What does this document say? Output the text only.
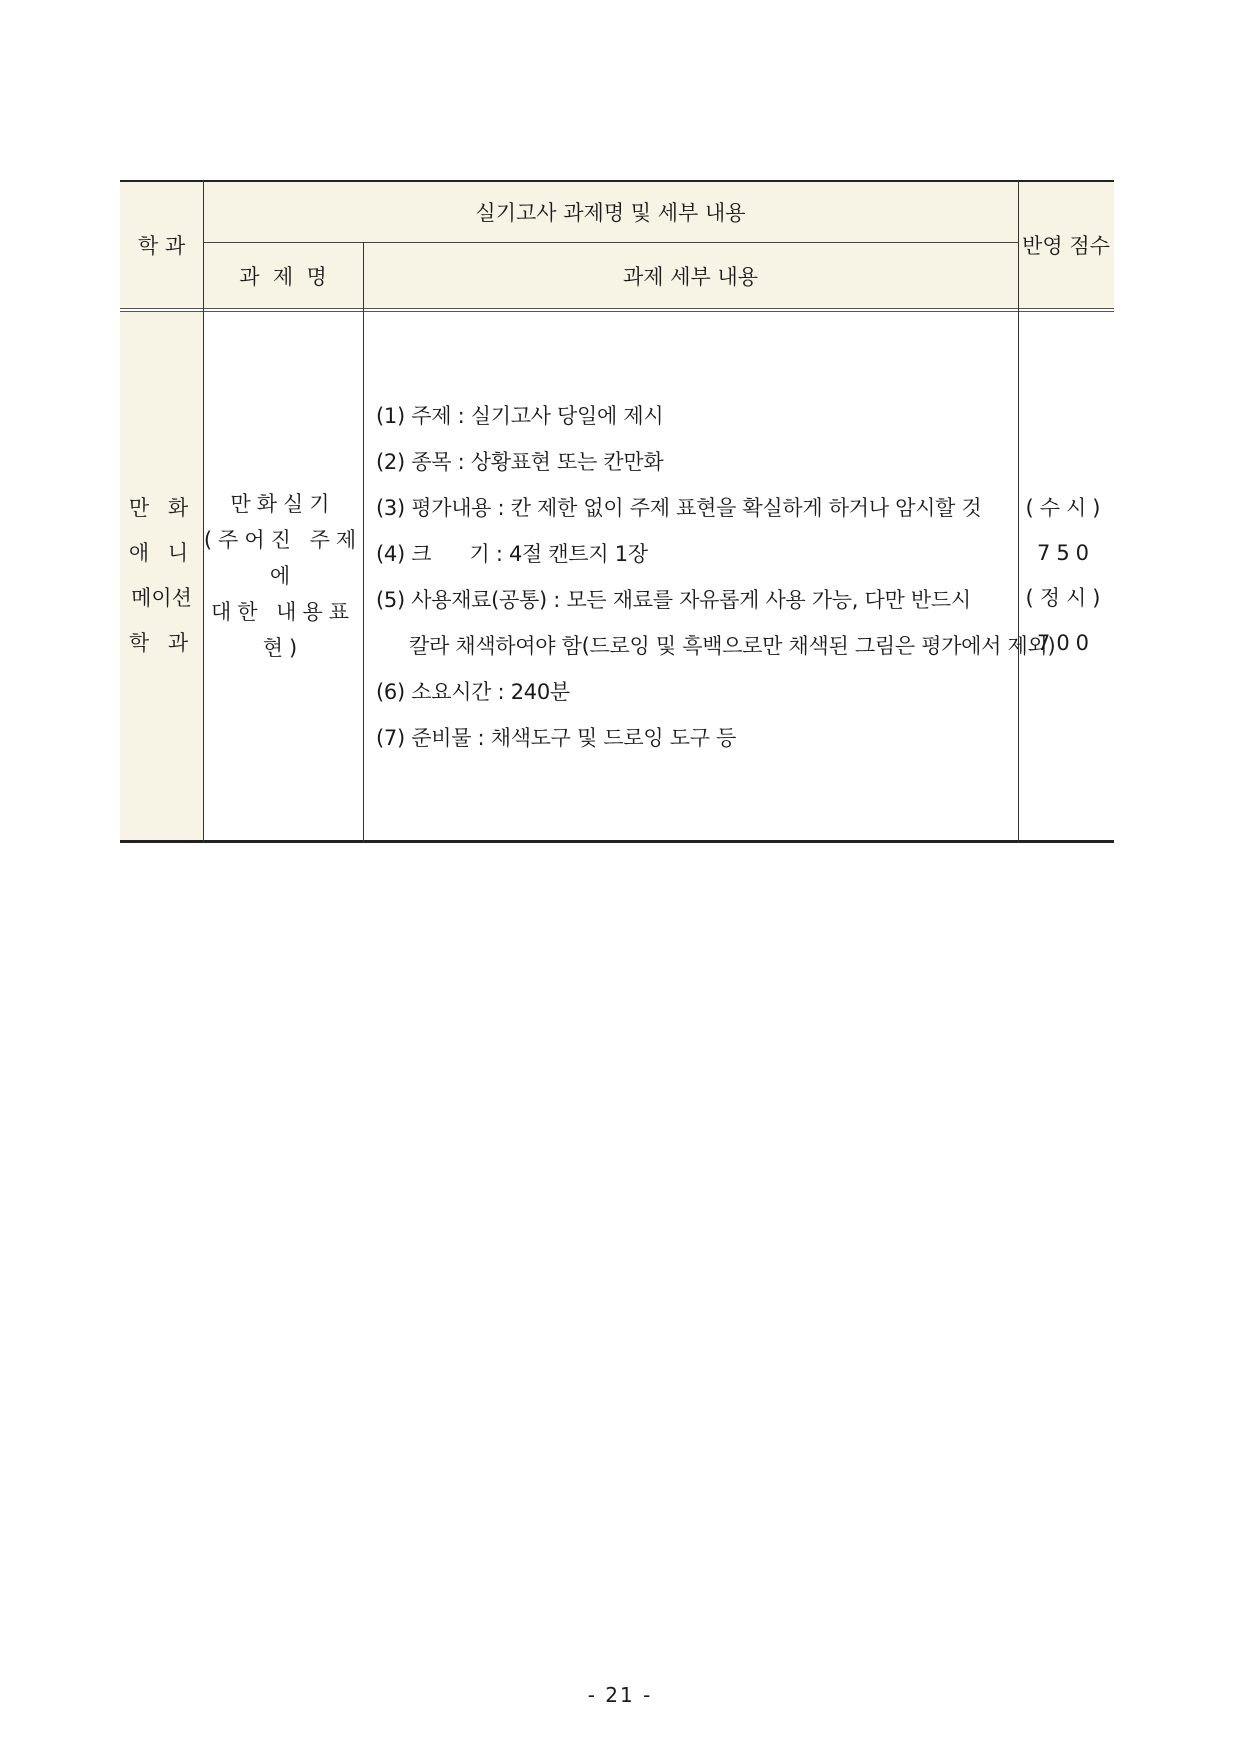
학 과
실기고사 과제명 및 세부 내용
과  제  명	과제 세부 내용
반영 점수
만 화
애 니
메이션
학 과
만화실기
(주어진 주제에
대한 내용표현)
(1) 주제 : 실기고사 당일에 제시
(2) 종목 : 상황표현 또는 칸만화
(3) 평가내용 : 칸 제한 없이 주제 표현을 확실하게 하거나 암시할 것
(4) 크      기 : 4절 캔트지 1장
(5) 사용재료(공통) : 모든 재료를 자유롭게 사용 가능, 다만 반드시
칼라 채색하여야 함(드로잉 및 흑백으로만 채색된 그림은 평가에서 제외)
(6) 소요시간 : 240분
(7) 준비물 : 채색도구 및 드로잉 도구 등
(수시)
750
(정시)
700
- 21 -
